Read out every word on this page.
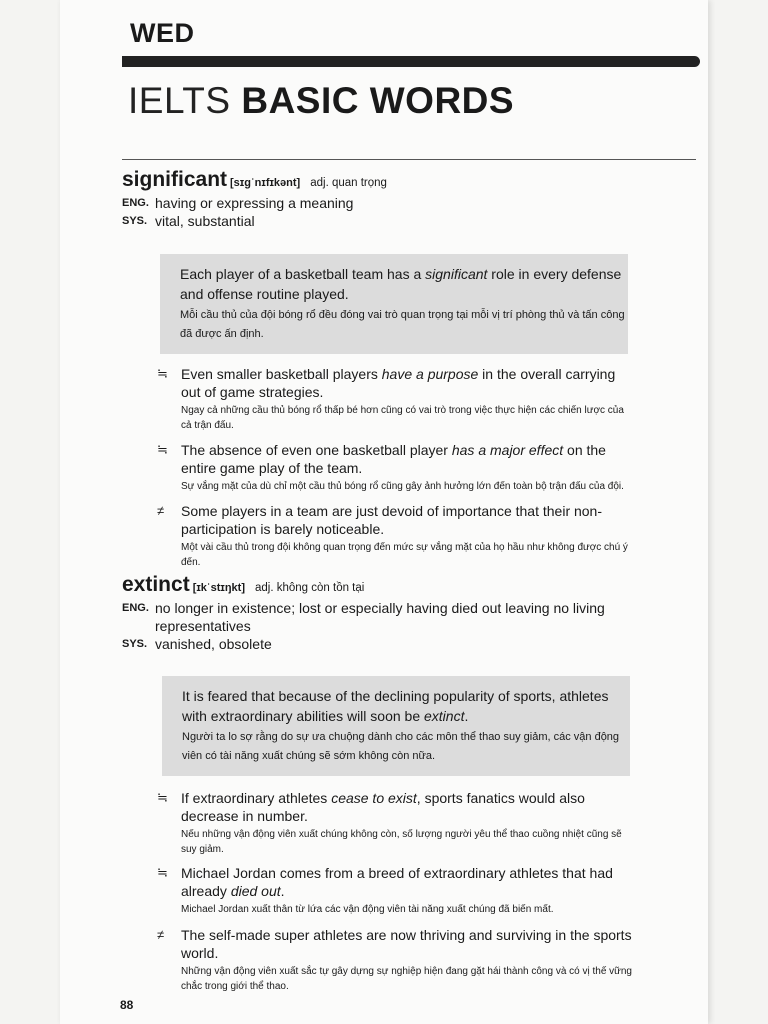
WED
IELTS BASIC WORDS
significant [sɪgˈnɪfɪkənt] adj. quan trọng
ENG. having or expressing a meaning
SYS. vital, substantial
Each player of a basketball team has a significant role in every defense and offense routine played.
Mỗi cầu thủ của đội bóng rổ đều đóng vai trò quan trọng tại mỗi vị trí phòng thủ và tấn công đã được ấn định.
≒ Even smaller basketball players have a purpose in the overall carrying out of game strategies.
Ngay cả những cầu thủ bóng rổ thấp bé hơn cũng có vai trò trong việc thực hiện các chiến lược của cả trận đấu.
≒ The absence of even one basketball player has a major effect on the entire game play of the team.
Sự vắng mặt của dù chỉ một cầu thủ bóng rổ cũng gây ảnh hưởng lớn đến toàn bộ trận đấu của đội.
≠	Some players in a team are just devoid of importance that their non-participation is barely noticeable.
Một vài cầu thủ trong đội không quan trọng đến mức sự vắng mặt của họ hầu như không được chú ý đến.
extinct [ɪkˈstɪŋkt] adj. không còn tồn tại
ENG. no longer in existence; lost or especially having died out leaving no living representatives
SYS. vanished, obsolete
It is feared that because of the declining popularity of sports, athletes with extraordinary abilities will soon be extinct.
Người ta lo sợ rằng do sự ưa chuộng dành cho các môn thể thao suy giảm, các vận động viên có tài năng xuất chúng sẽ sớm không còn nữa.
≒ If extraordinary athletes cease to exist, sports fanatics would also decrease in number.
Nếu những vận động viên xuất chúng không còn, số lượng người yêu thể thao cuồng nhiệt cũng sẽ suy giảm.
≒ Michael Jordan comes from a breed of extraordinary athletes that had already died out.
Michael Jordan xuất thân từ lứa các vận động viên tài năng xuất chúng đã biến mất.
≠	The self-made super athletes are now thriving and surviving in the sports world.
Những vận động viên xuất sắc tự gây dựng sự nghiệp hiện đang gặt hái thành công và có vị thế vững chắc trong giới thể thao.
88
